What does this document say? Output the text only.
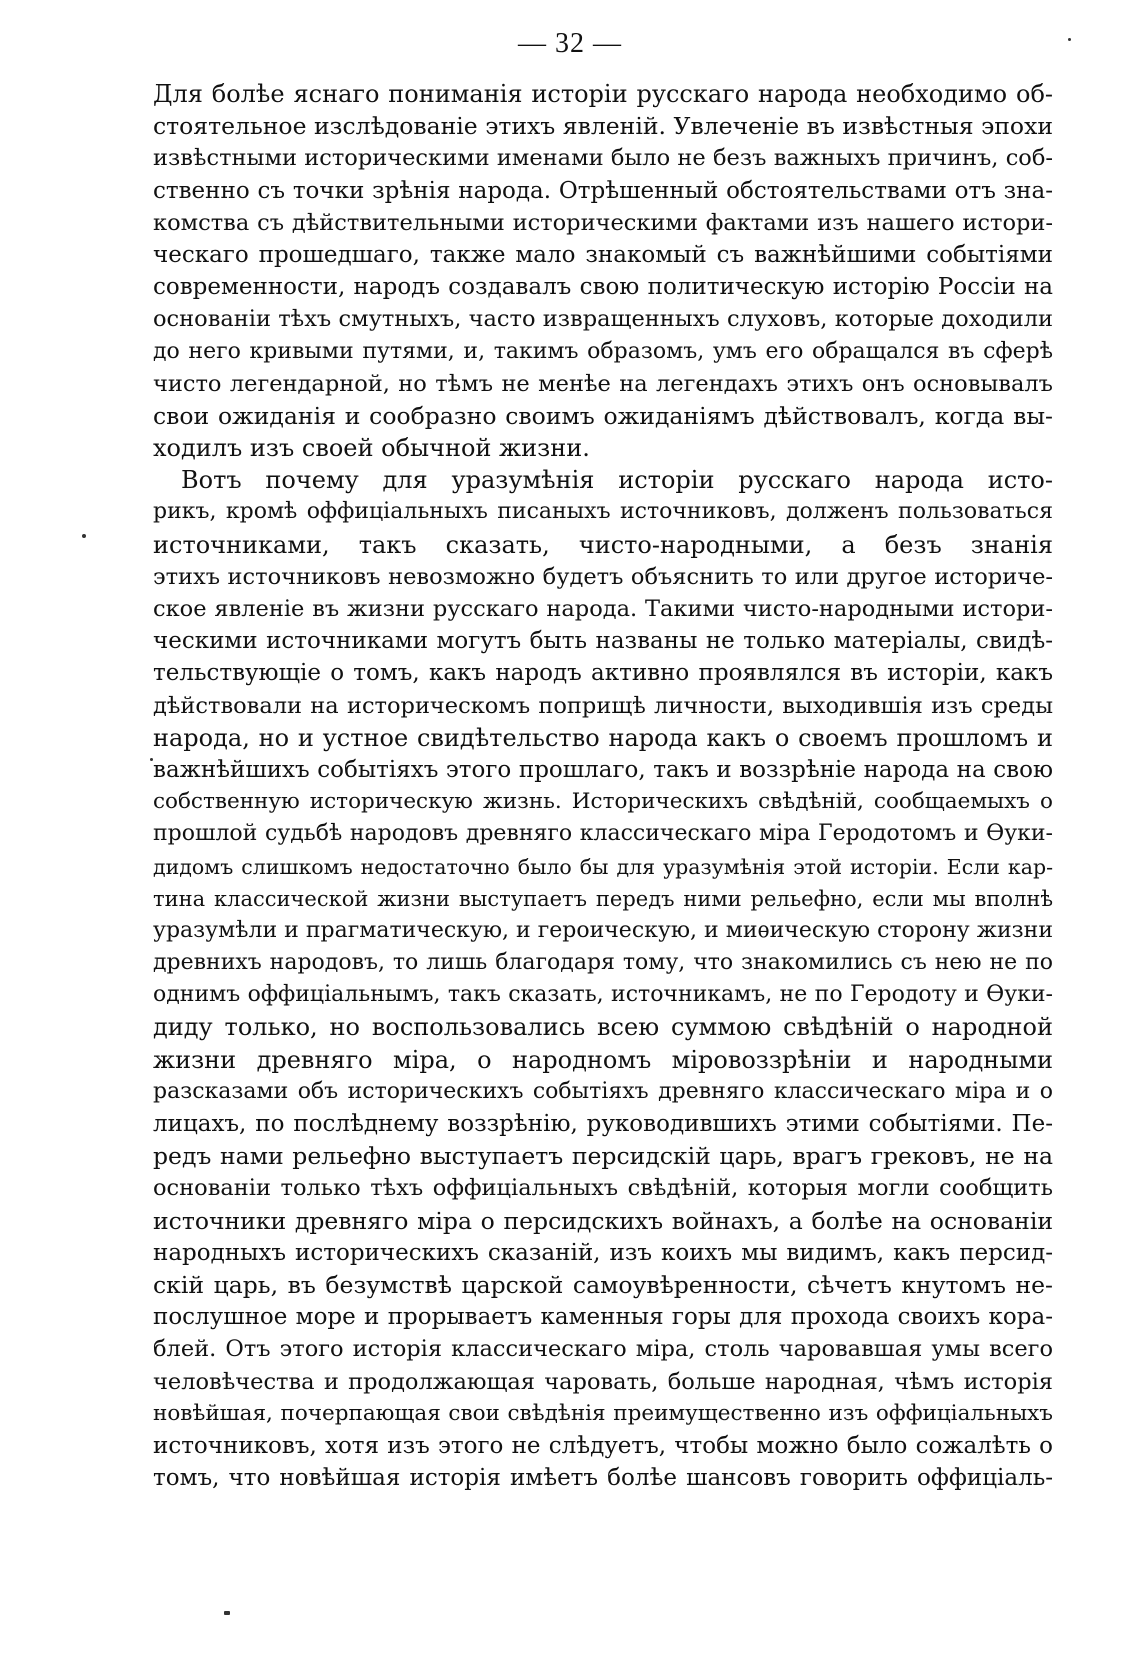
— 32 —
Для болѣе яснаго пониманія исторіи русскаго народа необходимо об-
стоятельное изслѣдованіе этихъ явленій. Увлеченіе въ извѣстныя эпохи
извѣстными историческими именами было не безъ важныхъ причинъ, соб-
ственно съ точки зрѣнія народа. Отрѣшенный обстоятельствами отъ зна-
комства съ дѣйствительными историческими фактами изъ нашего истори-
ческаго прошедшаго, также мало знакомый съ важнѣйшими событіями
современности, народъ создавалъ свою политическую исторію Россіи на
основаніи тѣхъ смутныхъ, часто извращенныхъ слуховъ, которые доходили
до него кривыми путями, и, такимъ образомъ, умъ его обращался въ сферѣ
чисто легендарной, но тѣмъ не менѣе на легендахъ этихъ онъ основывалъ
свои ожиданія и сообразно своимъ ожиданіямъ дѣйствовалъ, когда вы-
ходилъ изъ своей обычной жизни.
Вотъ почему для уразумѣнія исторіи русскаго народа исто-
рикъ, кромѣ оффиціальныхъ писаныхъ источниковъ, долженъ пользоваться
источниками, такъ сказать, чисто-народными, а безъ знанія
этихъ источниковъ невозможно будетъ объяснить то или другое историче-
ское явленіе въ жизни русскаго народа. Такими чисто-народными истори-
ческими источниками могутъ быть названы не только матеріалы, свидѣ-
тельствующіе о томъ, какъ народъ активно проявлялся въ исторіи, какъ
дѣйствовали на историческомъ поприщѣ личности, выходившія изъ среды
народа, но и устное свидѣтельство народа какъ о своемъ прошломъ и
важнѣйшихъ событіяхъ этого прошлаго, такъ и воззрѣніе народа на свою
собственную историческую жизнь. Историческихъ свѣдѣній, сообщаемыхъ о
прошлой судьбѣ народовъ древняго классическаго міра Геродотомъ и Ѳуки-
дидомъ слишкомъ недостаточно было бы для уразумѣнія этой исторіи. Если кар-
тина классической жизни выступаетъ передъ ними рельефно, если мы вполнѣ
уразумѣли и прагматическую, и героическую, и миѳическую сторону жизни
древнихъ народовъ, то лишь благодаря тому, что знакомились съ нею не по
однимъ оффиціальнымъ, такъ сказать, источникамъ, не по Геродоту и Ѳуки-
диду только, но воспользовались всею суммою свѣдѣній о народной
жизни древняго міра, о народномъ міровоззрѣніи и народными
разсказами объ историческихъ событіяхъ древняго классическаго міра и о
лицахъ, по послѣднему воззрѣнію, руководившихъ этими событіями. Пе-
редъ нами рельефно выступаетъ персидскій царь, врагъ грековъ, не на
основаніи только тѣхъ оффиціальныхъ свѣдѣній, которыя могли сообщить
источники древняго міра о персидскихъ войнахъ, а болѣе на основаніи
народныхъ историческихъ сказаній, изъ коихъ мы видимъ, какъ персид-
скій царь, въ безумствѣ царской самоувѣренности, сѣчетъ кнутомъ не-
послушное море и прорываетъ каменныя горы для прохода своихъ кора-
блей. Отъ этого исторія классическаго міра, столь чаровавшая умы всего
человѣчества и продолжающая чаровать, больше народная, чѣмъ исторія
новѣйшая, почерпающая свои свѣдѣнія преимущественно изъ оффиціальныхъ
источниковъ, хотя изъ этого не слѣдуетъ, чтобы можно было сожалѣть о
томъ, что новѣйшая исторія имѣетъ болѣе шансовъ говорить оффиціаль-
